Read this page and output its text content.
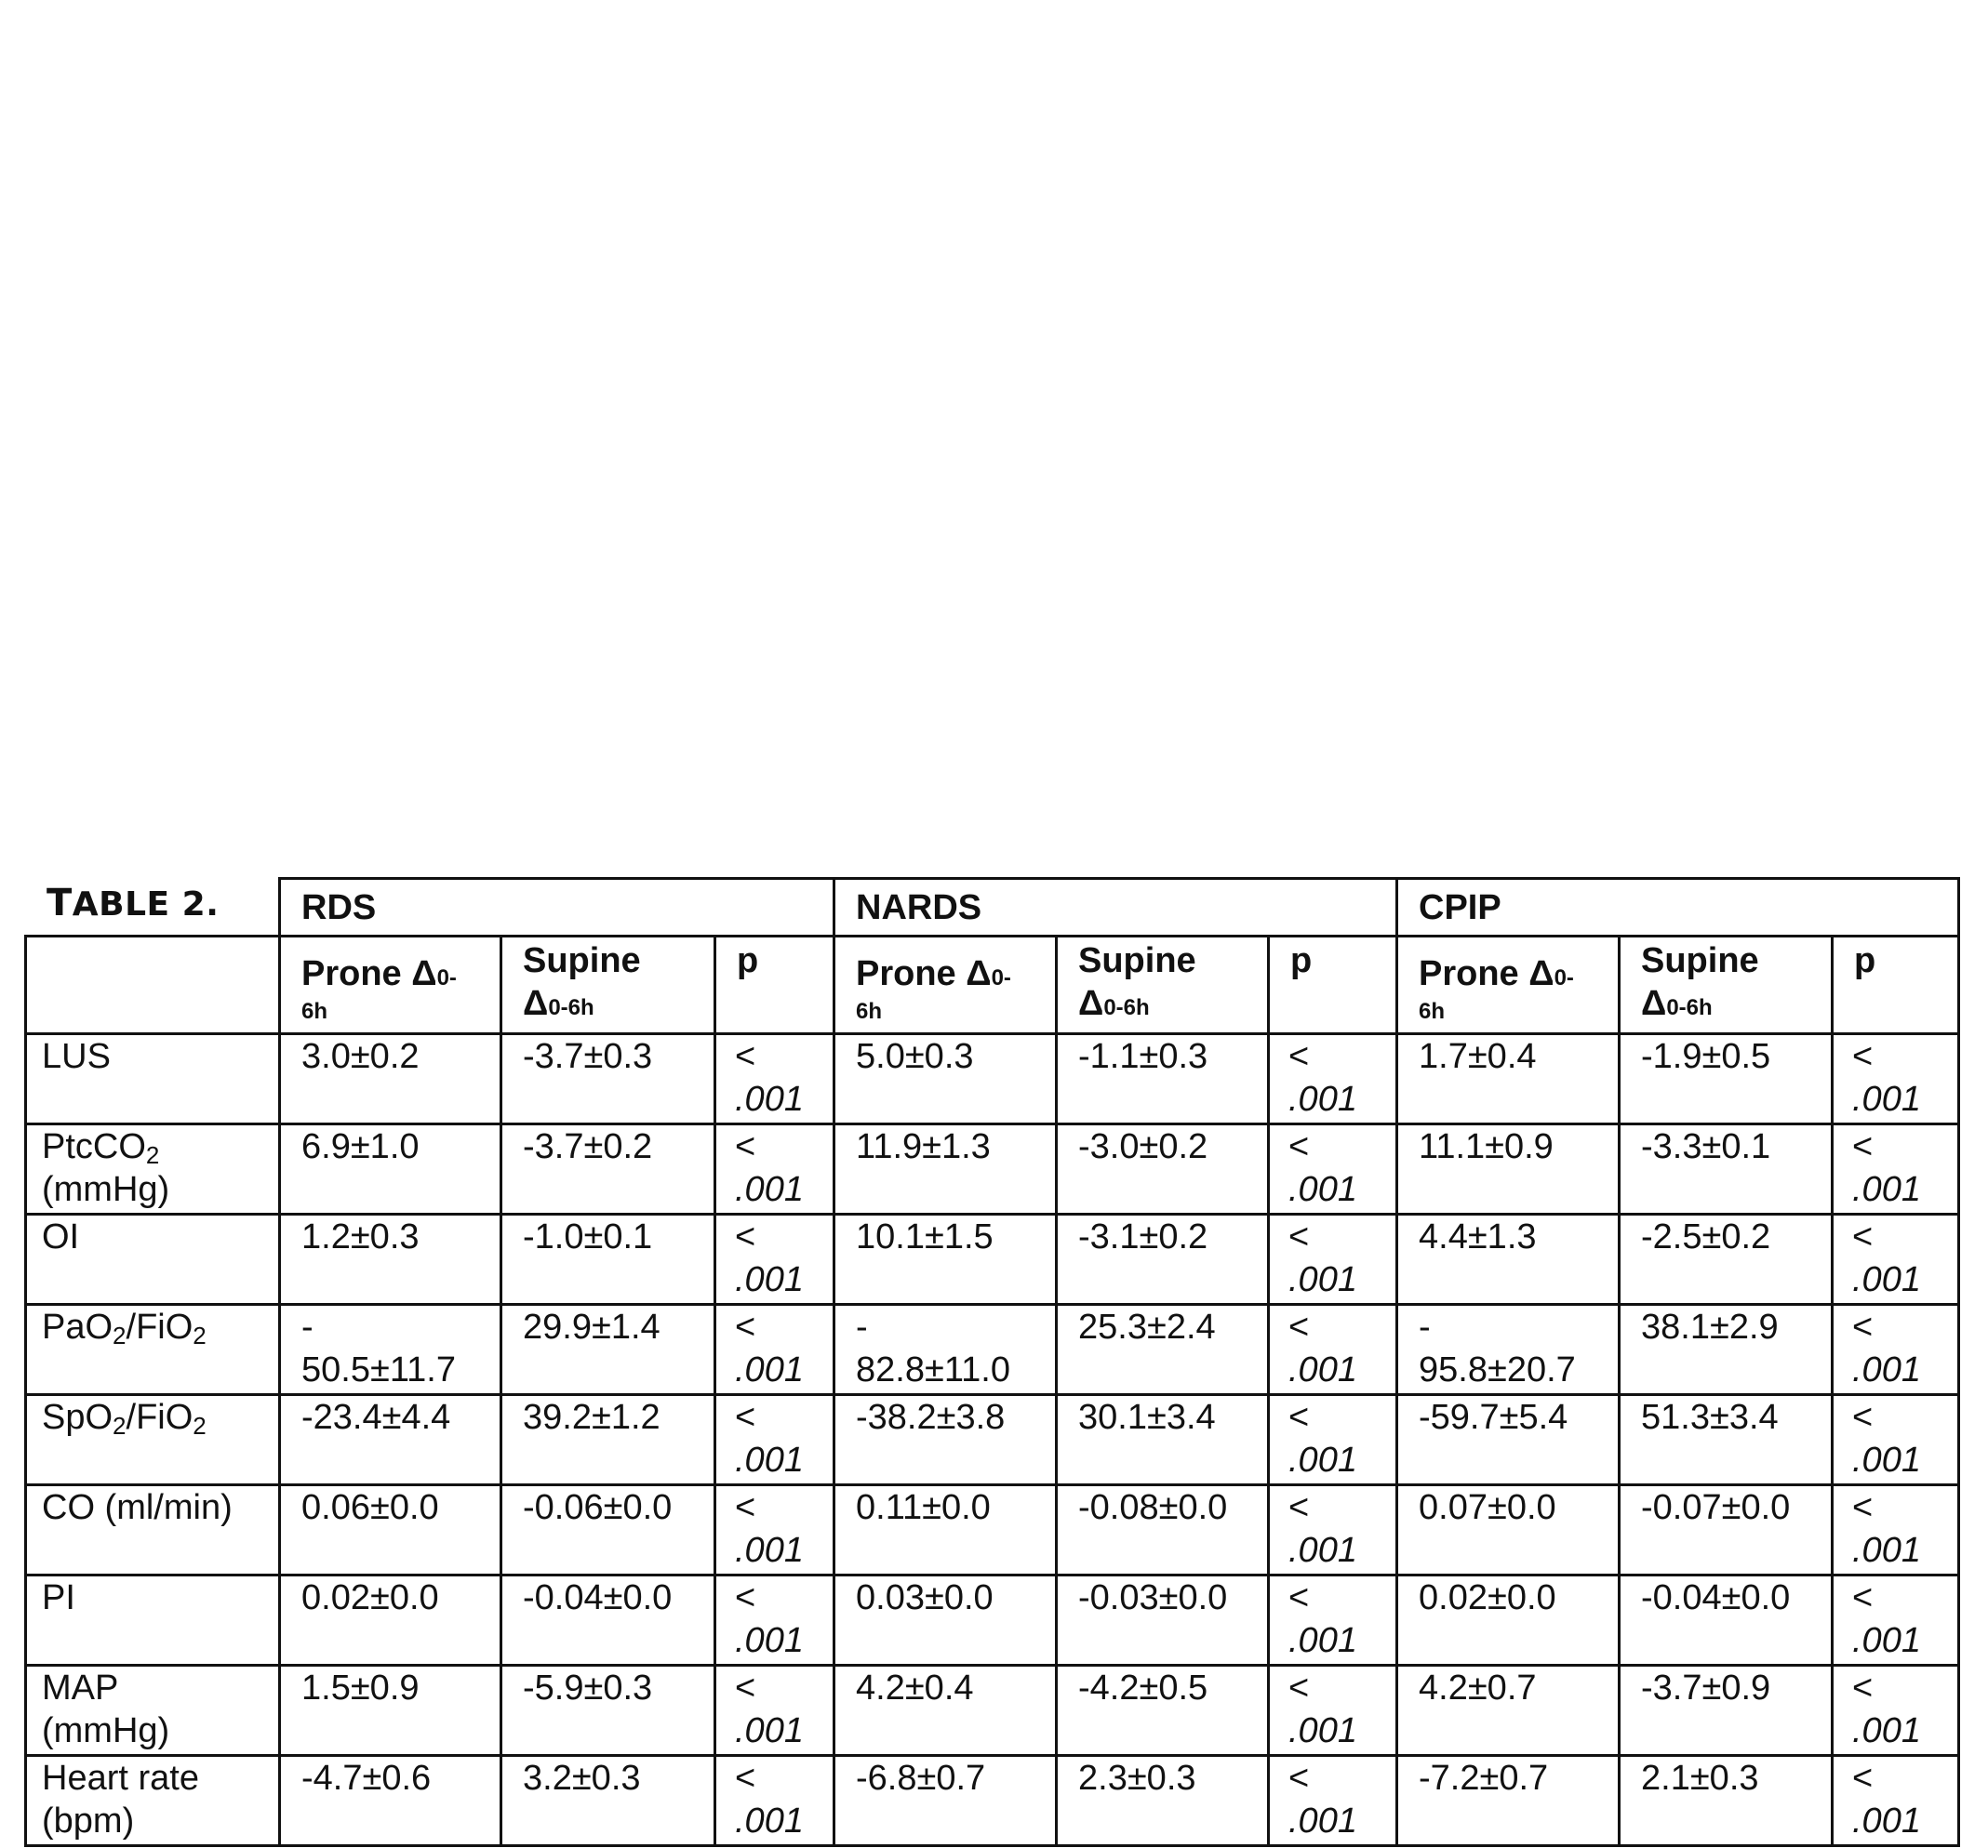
TABLE 2.
	RDS			NARDS			CPIP		

	Prone Δ0-
6h	Supine
Δ0-6h	p	Prone Δ0-
6h	Supine
Δ0-6h	p	Prone Δ0-
6h	Supine
Δ0-6h	p

LUS	3.0±0.2	-3.7±0.3	<
.001	5.0±0.3	-1.1±0.3	<
.001	1.7±0.4	-1.9±0.5	<
.001

PtcCO$_2$
(mmHg)	6.9±1.0	-3.7±0.2	<
.001	11.9±1.3	-3.0±0.2	<
.001	11.1±0.9	-3.3±0.1	<
.001

OI	1.2±0.3	-1.0±0.1	<
.001	10.1±1.5	-3.1±0.2	<
.001	4.4±1.3	-2.5±0.2	<
.001

PaO$_2$/FiO$_2$	-
50.5±11.7	29.9±1.4	<
.001	-
82.8±11.0	25.3±2.4	<
.001	-
95.8±20.7	38.1±2.9	<
.001

SpO$_2$/FiO$_2$	-23.4±4.4	39.2±1.2	<
.001	-38.2±3.8	30.1±3.4	<
.001	-59.7±5.4	51.3±3.4	<
.001

CO (ml/min)	0.06±0.0	-0.06±0.0	<
.001	0.11±0.0	-0.08±0.0	<
.001	0.07±0.0	-0.07±0.0	<
.001

PI	0.02±0.0	-0.04±0.0	<
.001	0.03±0.0	-0.03±0.0	<
.001	0.02±0.0	-0.04±0.0	<
.001

MAP
(mmHg)	1.5±0.9	-5.9±0.3	<
.001	4.2±0.4	-4.2±0.5	<
.001	4.2±0.7	-3.7±0.9	<
.001

Heart rate
(bpm)	-4.7±0.6	3.2±0.3	<
.001	-6.8±0.7	2.3±0.3	<
.001	-7.2±0.7	2.1±0.3	<
.001
